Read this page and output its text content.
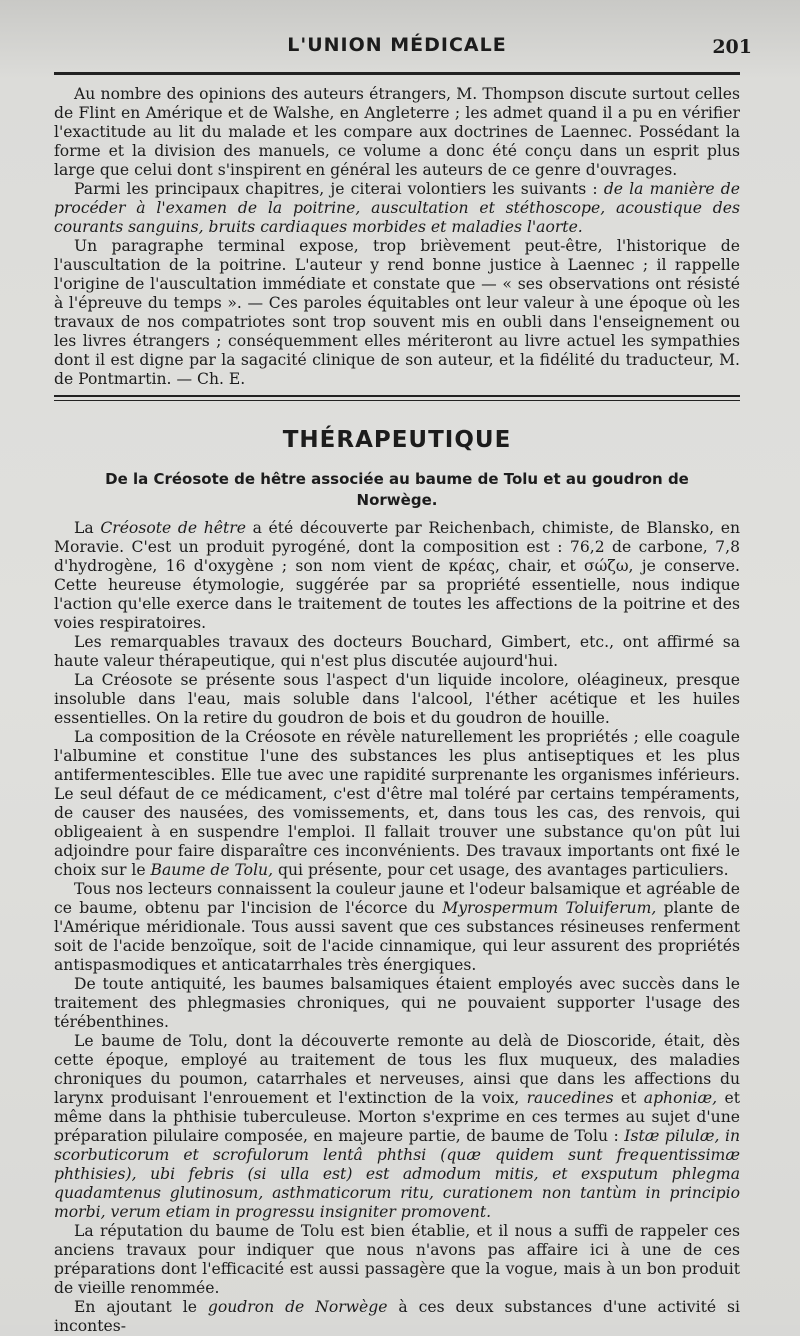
L'UNION MÉDICALE	201

Au nombre des opinions des auteurs étrangers, M. Thompson discute surtout celles de Flint en Amérique et de Walshe, en Angleterre ; les admet quand il a pu en vérifier l'exactitude au lit du malade et les compare aux doctrines de Laennec. Possédant la forme et la division des manuels, ce volume a donc été conçu dans un esprit plus large que celui dont s'inspirent en général les auteurs de ce genre d'ouvrages.

Parmi les principaux chapitres, je citerai volontiers les suivants : de la manière de procéder à l'examen de la poitrine, auscultation et stéthoscope, acoustique des courants sanguins, bruits cardiaques morbides et maladies l'aorte.

Un paragraphe terminal expose, trop brièvement peut-être, l'historique de l'auscultation de la poitrine. L'auteur y rend bonne justice à Laennec ; il rappelle l'origine de l'auscultation immédiate et constate que — « ses observations ont résisté à l'épreuve du temps ». — Ces paroles équitables ont leur valeur à une époque où les travaux de nos compatriotes sont trop souvent mis en oubli dans l'enseignement ou les livres étrangers ; conséquemment elles mériteront au livre actuel les sympathies dont il est digne par la sagacité clinique de son auteur, et la fidélité du traducteur, M. de Pontmartin. — Ch. E.

THÉRAPEUTIQUE
De la Créosote de hêtre associée au baume de Tolu et au goudron de Norwège.

La Créosote de hêtre a été découverte par Reichenbach, chimiste, de Blansko, en Moravie. C'est un produit pyrogéné, dont la composition est : 76,2 de carbone, 7,8 d'hydrogène, 16 d'oxygène ; son nom vient de κρέας, chair, et σώζω, je conserve. Cette heureuse étymologie, suggérée par sa propriété essentielle, nous indique l'action qu'elle exerce dans le traitement de toutes les affections de la poitrine et des voies respiratoires.

Les remarquables travaux des docteurs Bouchard, Gimbert, etc., ont affirmé sa haute valeur thérapeutique, qui n'est plus discutée aujourd'hui.

La Créosote se présente sous l'aspect d'un liquide incolore, oléagineux, presque insoluble dans l'eau, mais soluble dans l'alcool, l'éther acétique et les huiles essentielles. On la retire du goudron de bois et du goudron de houille.

La composition de la Créosote en révèle naturellement les propriétés ; elle coagule l'albumine et constitue l'une des substances les plus antiseptiques et les plus antifermentescibles. Elle tue avec une rapidité surprenante les organismes inférieurs. Le seul défaut de ce médicament, c'est d'être mal toléré par certains tempéraments, de causer des nausées, des vomissements, et, dans tous les cas, des renvois, qui obligeaient à en suspendre l'emploi. Il fallait trouver une substance qu'on pût lui adjoindre pour faire disparaître ces inconvénients. Des travaux importants ont fixé le choix sur le Baume de Tolu, qui présente, pour cet usage, des avantages particuliers.

Tous nos lecteurs connaissent la couleur jaune et l'odeur balsamique et agréable de ce baume, obtenu par l'incision de l'écorce du Myrospermum Toluiferum, plante de l'Amérique méridionale. Tous aussi savent que ces substances résineuses renferment soit de l'acide benzoïque, soit de l'acide cinnamique, qui leur assurent des propriétés antispasmodiques et anticatarrhales très énergiques.

De toute antiquité, les baumes balsamiques étaient employés avec succès dans le traitement des phlegmasies chroniques, qui ne pouvaient supporter l'usage des térébenthines.

Le baume de Tolu, dont la découverte remonte au delà de Dioscoride, était, dès cette époque, employé au traitement de tous les flux muqueux, des maladies chroniques du poumon, catarrhales et nerveuses, ainsi que dans les affections du larynx produisant l'enrouement et l'extinction de la voix, raucedines et aphoniæ, et même dans la phthisie tuberculeuse. Morton s'exprime en ces termes au sujet d'une préparation pilulaire composée, en majeure partie, de baume de Tolu : Istæ pilulæ, in scorbuticorum et scrofulorum lentâ phthsi (quæ quidem sunt frequentissimæ phthisies), ubi febris (si ulla est) est admodum mitis, et exsputum phlegma quadamtenus glutinosum, asthmaticorum ritu, curationem non tantùm in principio morbi, verum etiam in progressu insigniter promovent.

La réputation du baume de Tolu est bien établie, et il nous a suffi de rappeler ces anciens travaux pour indiquer que nous n'avons pas affaire ici à une de ces préparations dont l'efficacité est aussi passagère que la vogue, mais à un bon produit de vieille renommée.

En ajoutant le goudron de Norwège à ces deux substances d'une activité si incontes-
